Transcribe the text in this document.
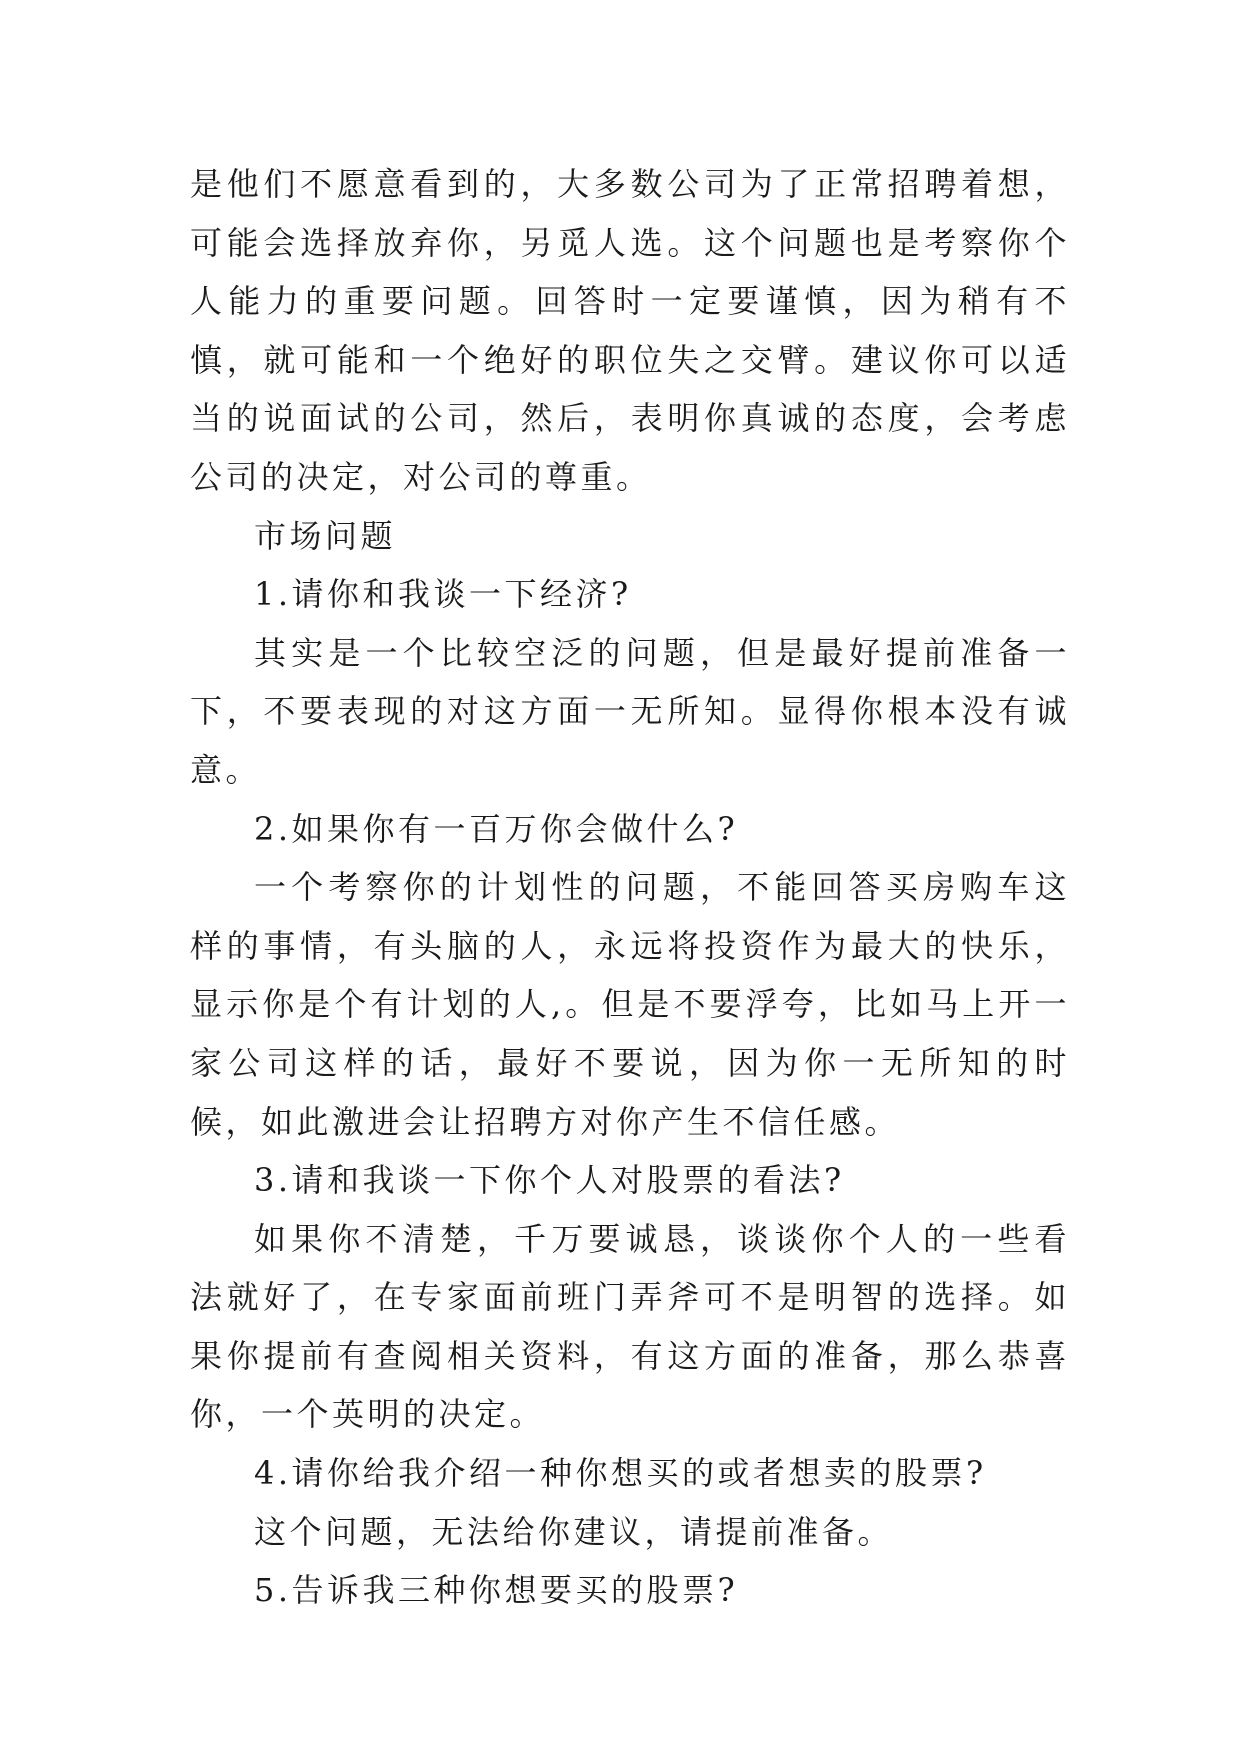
是他们不愿意看到的，大多数公司为了正常招聘着想，可能会选择放弃你，另觅人选。这个问题也是考察你个人能力的重要问题。回答时一定要谨慎，因为稍有不慎，就可能和一个绝好的职位失之交臂。建议你可以适当的说面试的公司，然后，表明你真诚的态度，会考虑公司的决定，对公司的尊重。

市场问题

1.请你和我谈一下经济?

其实是一个比较空泛的问题，但是最好提前准备一下，不要表现的对这方面一无所知。显得你根本没有诚意。

2.如果你有一百万你会做什么?

一个考察你的计划性的问题，不能回答买房购车这样的事情，有头脑的人，永远将投资作为最大的快乐，显示你是个有计划的人,。但是不要浮夸，比如马上开一家公司这样的话，最好不要说，因为你一无所知的时候，如此激进会让招聘方对你产生不信任感。

3.请和我谈一下你个人对股票的看法?

如果你不清楚，千万要诚恳，谈谈你个人的一些看法就好了，在专家面前班门弄斧可不是明智的选择。如果你提前有查阅相关资料，有这方面的准备，那么恭喜你，一个英明的决定。

4.请你给我介绍一种你想买的或者想卖的股票?

这个问题，无法给你建议，请提前准备。

5.告诉我三种你想要买的股票?
